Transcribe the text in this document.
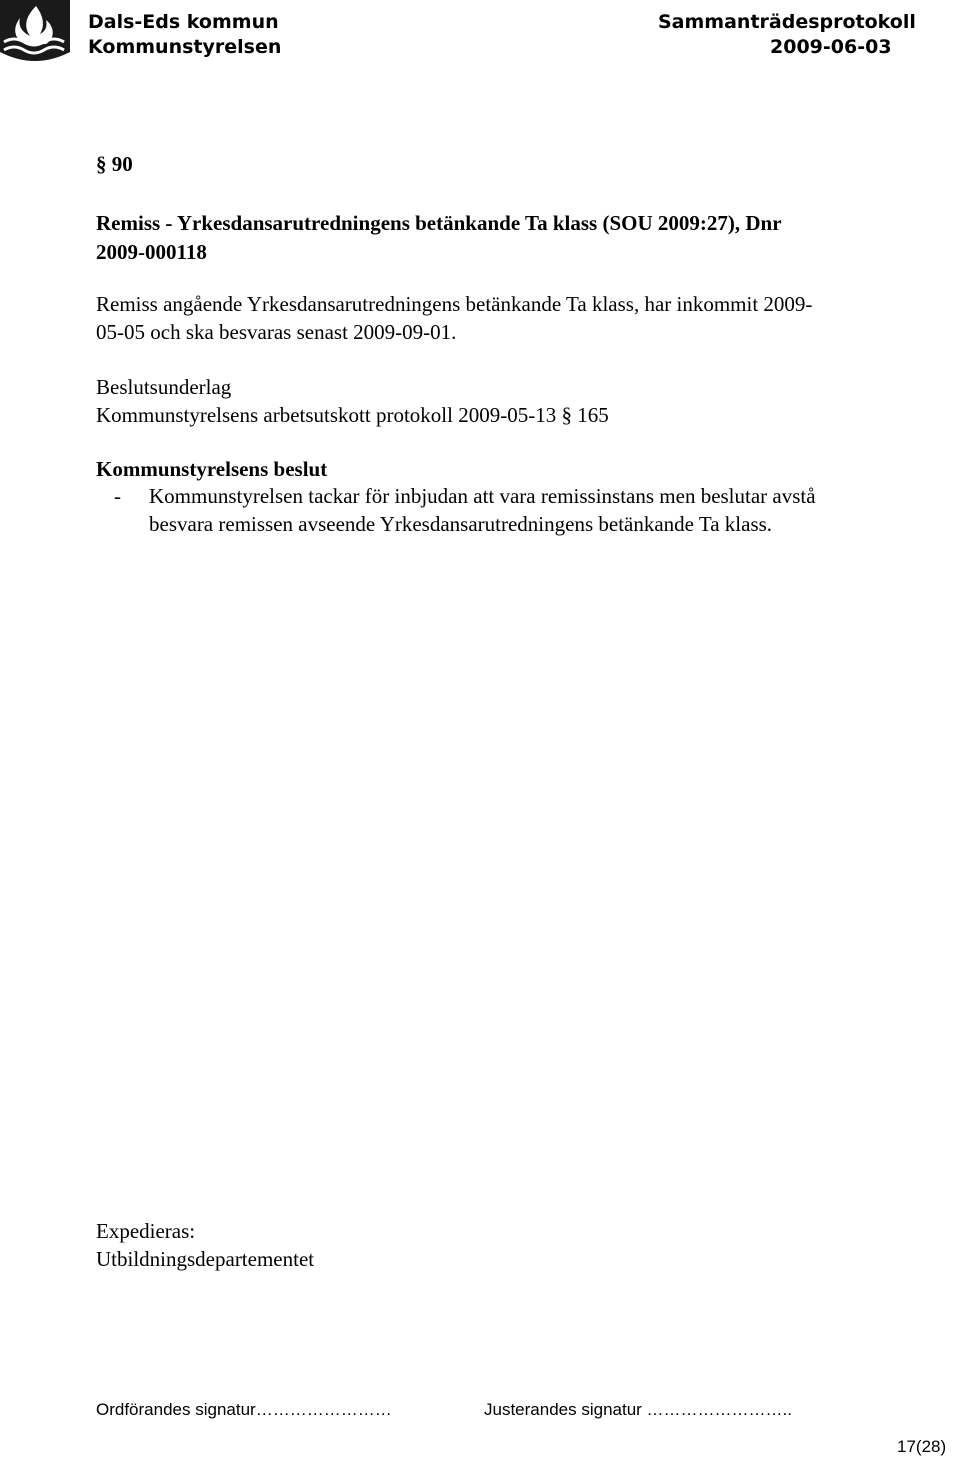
Dals-Eds kommun
Kommunstyrelsen
Sammanträdesprotokoll
2009-06-03
§ 90
Remiss - Yrkesdansarutredningens betänkande Ta klass (SOU 2009:27), Dnr
2009-000118
Remiss angående Yrkesdansarutredningens betänkande Ta klass, har inkommit 2009-
05-05 och ska besvaras senast 2009-09-01.
Beslutsunderlag
Kommunstyrelsens arbetsutskott protokoll 2009-05-13 § 165
Kommunstyrelsens beslut
- Kommunstyrelsen tackar för inbjudan att vara remissinstans men beslutar avstå
besvara remissen avseende Yrkesdansarutredningens betänkande Ta klass.
Expedieras:
Utbildningsdepartementet
Ordförandes signatur……………………	Justerandes signatur ……………………..
17(28)
